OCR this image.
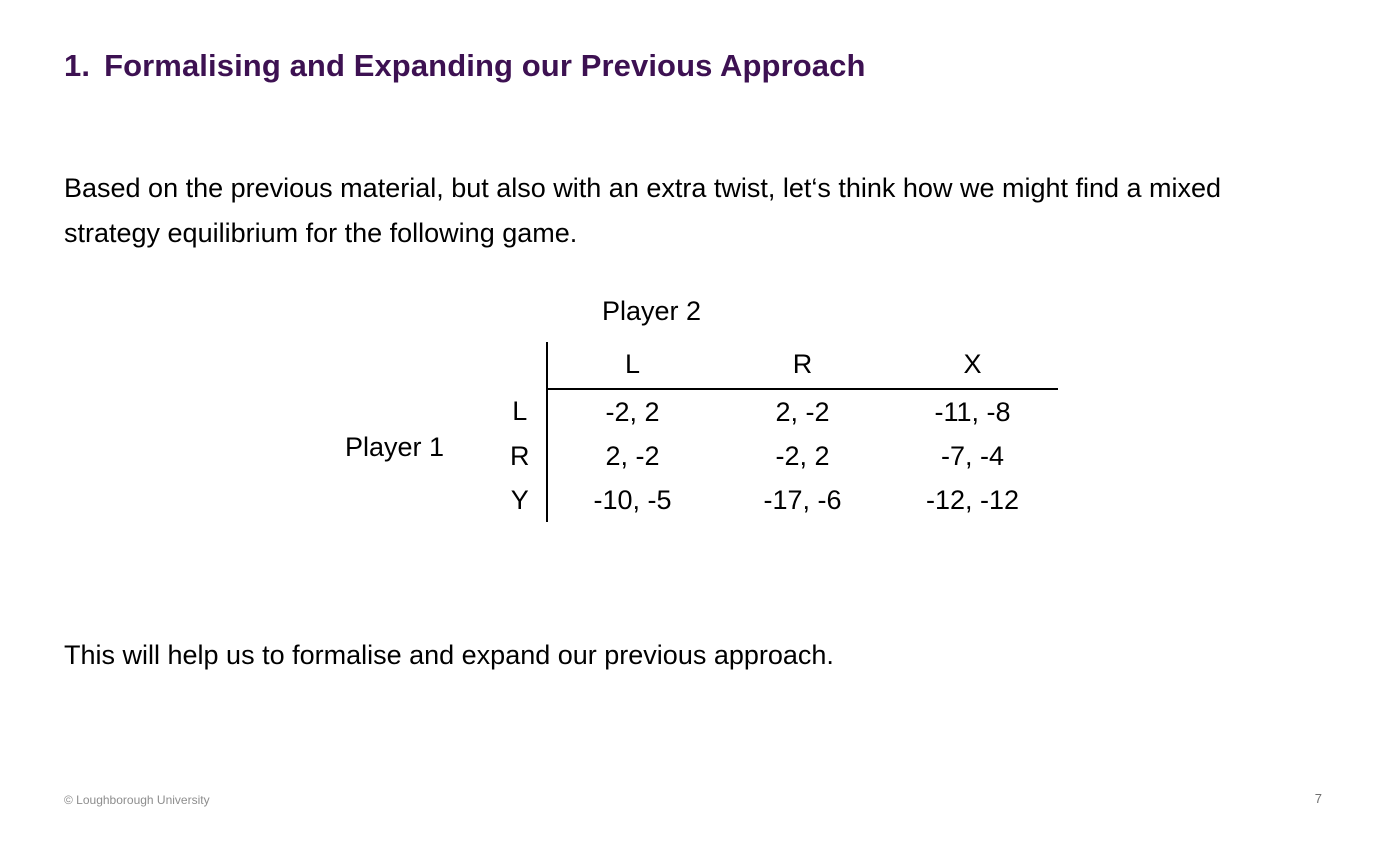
1. Formalising and Expanding our Previous Approach
Based on the previous material, but also with an extra twist, let‘s think how we might find a mixed strategy equilibrium for the following game.
Player 2
Player 1
	L	R	X
L	-2, 2	2, -2	-11, -8
R	2, -2	-2, 2	-7, -4
Y	-10, -5	-17, -6	-12, -12
This will help us to formalise and expand our previous approach.
© Loughborough University	7
